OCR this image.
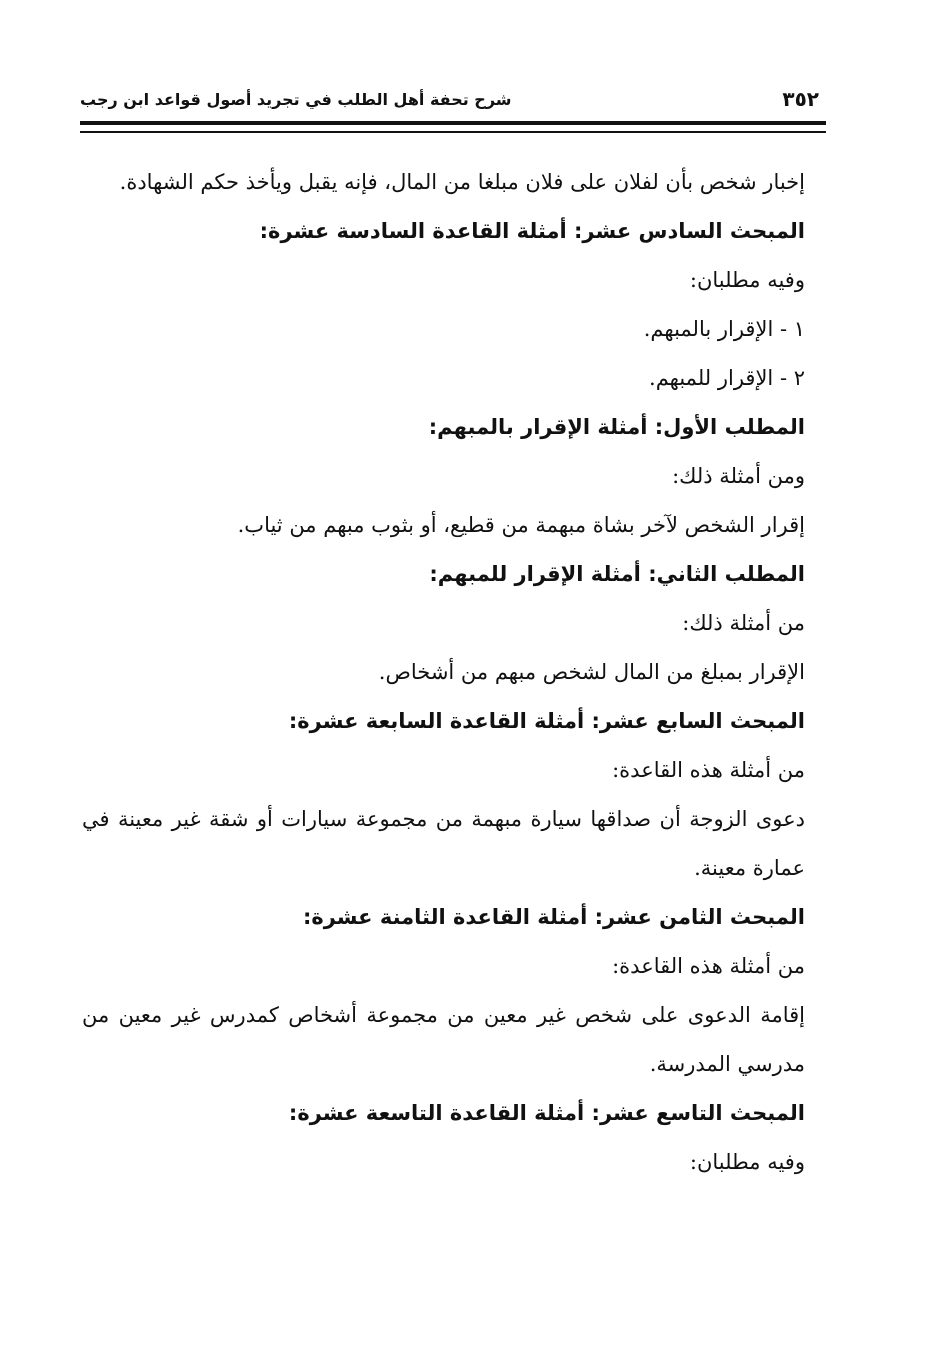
٣٥٢
شرح تحفة أهل الطلب في تجريد أصول قواعد ابن رجب

إخبار شخص بأن لفلان على فلان مبلغا من المال، فإنه يقبل ويأخذ حكم الشهادة.

المبحث السادس عشر: أمثلة القاعدة السادسة عشرة:

وفيه مطلبان:

١ - الإقرار بالمبهم.

٢ - الإقرار للمبهم.

المطلب الأول: أمثلة الإقرار بالمبهم:

ومن أمثلة ذلك:

إقرار الشخص لآخر بشاة مبهمة من قطيع، أو بثوب مبهم من ثياب.

المطلب الثاني: أمثلة الإقرار للمبهم:

من أمثلة ذلك:

الإقرار بمبلغ من المال لشخص مبهم من أشخاص.

المبحث السابع عشر: أمثلة القاعدة السابعة عشرة:

من أمثلة هذه القاعدة:

دعوى الزوجة أن صداقها سيارة مبهمة من مجموعة سيارات أو شقة غير معينة في عمارة معينة.

المبحث الثامن عشر: أمثلة القاعدة الثامنة عشرة:

من أمثلة هذه القاعدة:

إقامة الدعوى على شخص غير معين من مجموعة أشخاص كمدرس غير معين من مدرسي المدرسة.

المبحث التاسع عشر: أمثلة القاعدة التاسعة عشرة:

وفيه مطلبان:
